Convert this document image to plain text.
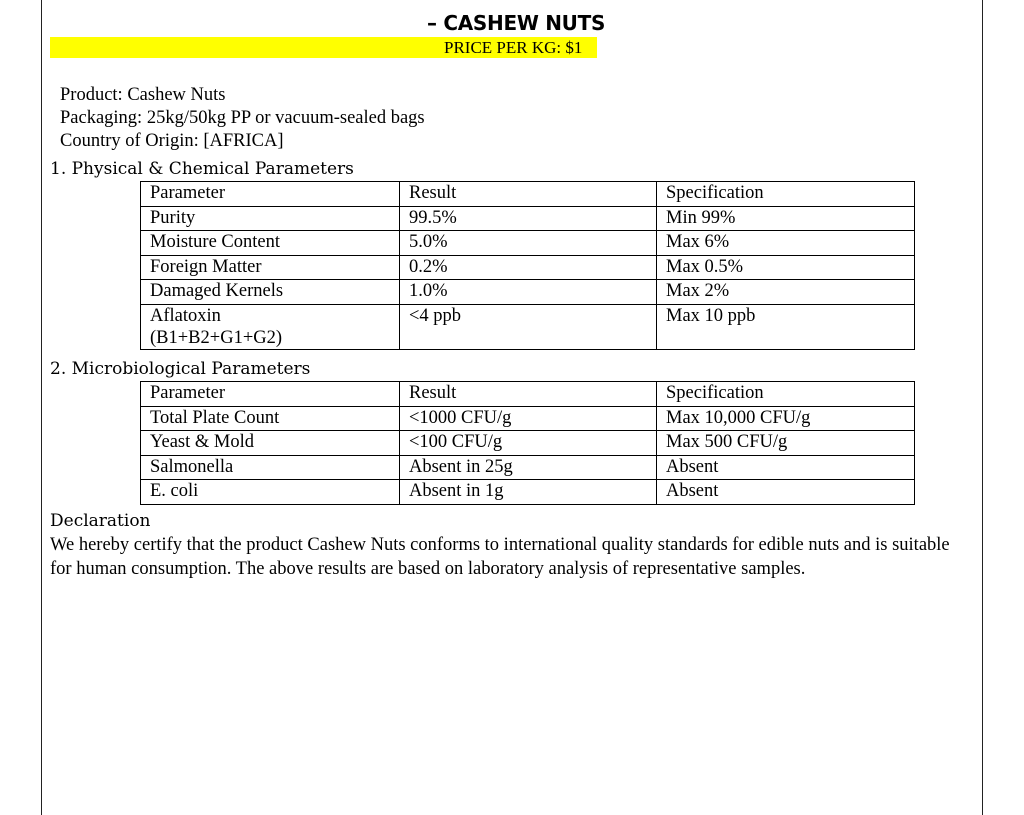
– CASHEW NUTS
PRICE PER KG: $1
Product: Cashew Nuts
Packaging: 25kg/50kg PP or vacuum-sealed bags
Country of Origin: [AFRICA]
1. Physical & Chemical Parameters
Parameter	Result	Specification
Purity	99.5%	Min 99%
Moisture Content	5.0%	Max 6%
Foreign Matter	0.2%	Max 0.5%
Damaged Kernels	1.0%	Max 2%

Aflatoxin
(B1+B2+G1+G2)	<4 ppb	Max 10 ppb
2. Microbiological Parameters
Parameter	Result	Specification
Total Plate Count	<1000 CFU/g	Max 10,000 CFU/g
Yeast & Mold	<100 CFU/g	Max 500 CFU/g
Salmonella	Absent in 25g	Absent
E. coli	Absent in 1g	Absent
Declaration
We hereby certify that the product Cashew Nuts conforms to international quality standards for edible nuts and is suitable for human consumption. The above results are based on laboratory analysis of representative samples.
